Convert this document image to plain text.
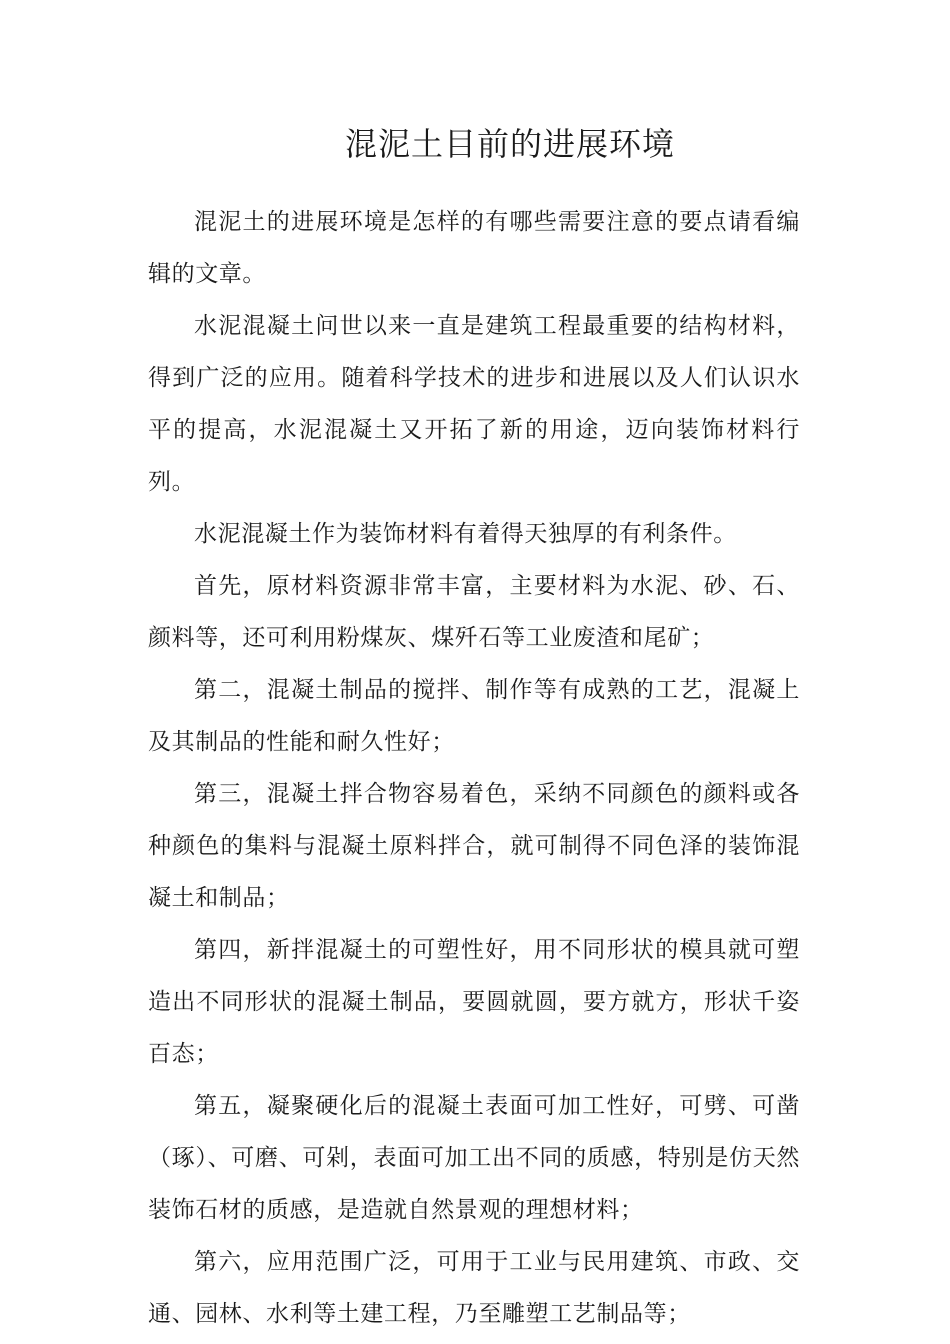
混泥土目前的进展环境

混泥土的进展环境是怎样的有哪些需要注意的要点请看编辑的文章。

水泥混凝土问世以来一直是建筑工程最重要的结构材料，得到广泛的应用。随着科学技术的进步和进展以及人们认识水平的提高，水泥混凝土又开拓了新的用途，迈向装饰材料行列。

水泥混凝土作为装饰材料有着得天独厚的有利条件。

首先，原材料资源非常丰富，主要材料为水泥、砂、石、颜料等，还可利用粉煤灰、煤歼石等工业废渣和尾矿；

第二，混凝土制品的搅拌、制作等有成熟的工艺，混凝上及其制品的性能和耐久性好；

第三，混凝土拌合物容易着色，采纳不同颜色的颜料或各种颜色的集料与混凝土原料拌合，就可制得不同色泽的装饰混凝土和制品；

第四，新拌混凝土的可塑性好，用不同形状的模具就可塑造出不同形状的混凝土制品，要圆就圆，要方就方，形状千姿百态；

第五，凝聚硬化后的混凝土表面可加工性好，可劈、可凿（琢）、可磨、可剁，表面可加工出不同的质感，特别是仿天然装饰石材的质感，是造就自然景观的理想材料；

第六，应用范围广泛，可用于工业与民用建筑、市政、交通、园林、水利等土建工程，乃至雕塑工艺制品等；
